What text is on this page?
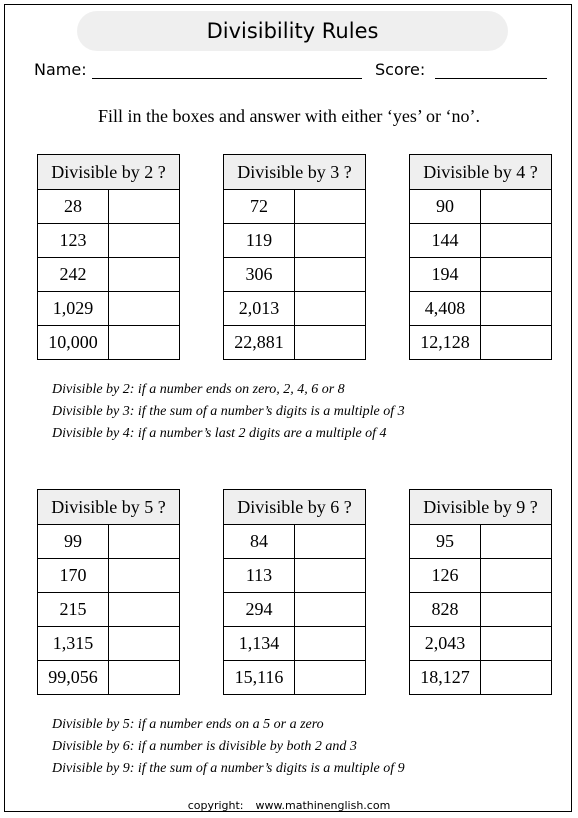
Divisibility Rules
Name:	Score:
Fill in the boxes and answer with either ‘yes’ or ‘no’.
Divisible by 2 ?	
28	
123	
242	
1,029	
10,000	
Divisible by 3 ?	
72	
119	
306	
2,013	
22,881	
Divisible by 4 ?	
90	
144	
194	
4,408	
12,128	
Divisible by 2: if a number ends on zero, 2, 4, 6 or 8
Divisible by 3: if the sum of a number’s digits is a multiple of 3
Divisible by 4: if a number’s last 2 digits are a multiple of 4
Divisible by 5 ?	
99	
170	
215	
1,315	
99,056	
Divisible by 6 ?	
84	
113	
294	
1,134	
15,116	
Divisible by 9 ?	
95	
126	
828	
2,043	
18,127	
Divisible by 5: if a number ends on a 5 or a zero
Divisible by 6: if a number is divisible by both 2 and 3
Divisible by 9: if the sum of a number’s digits is a multiple of 9
copyright: www.mathinenglish.com
